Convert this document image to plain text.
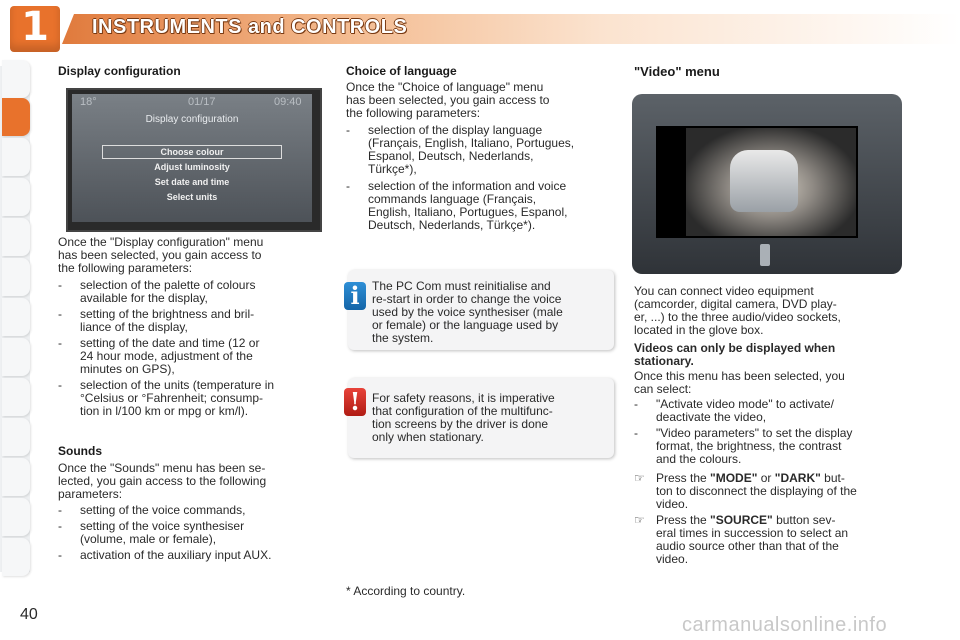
1	INSTRUMENTS and CONTROLS
Display configuration
18°	01/17	09:40
Display configuration
Choose colour
Adjust luminosity
Set date and time
Select units
Once the "Display configuration" menu
has been selected, you gain access to
the following parameters:
- selection of the palette of colours
available for the display,
- setting of the brightness and bril-
liance of the display,
- setting of the date and time (12 or
24 hour mode, adjustment of the
minutes on GPS),
- selection of the units (temperature in
°Celsius or °Fahrenheit; consump-
tion in l/100 km or mpg or km/l).
Sounds
Once the "Sounds" menu has been se-
lected, you gain access to the following
parameters:
- setting of the voice commands,
- setting of the voice synthesiser
(volume, male or female),
- activation of the auxiliary input AUX.
Choice of language
Once the "Choice of language" menu
has been selected, you gain access to
the following parameters:
- selection of the display language
(Français, English, Italiano, Portugues,
Espanol, Deutsch, Nederlands,
Türkçe*),
- selection of the information and voice
commands language (Français,
English, Italiano, Portugues, Espanol,
Deutsch, Nederlands, Türkçe*).
i	The PC Com must reinitialise and
re-start in order to change the voice
used by the voice synthesiser (male
or female) or the language used by
the system.
! For safety reasons, it is imperative
that configuration of the multifunc-
tion screens by the driver is done
only when stationary.
* According to country.
"Video" menu
You can connect video equipment
(camcorder, digital camera, DVD play-
er, ...) to the three audio/video sockets,
located in the glove box.
Videos can only be displayed when
stationary.
Once this menu has been selected, you
can select:
- "Activate video mode" to activate/
deactivate the video,
- "Video parameters" to set the display
format, the brightness, the contrast
and the colours.
☞ Press the "MODE" or "DARK" but-
ton to disconnect the displaying of the
video.
☞ Press the "SOURCE" button sev-
eral times in succession to select an
audio source other than that of the
video.
40	carmanualsonline.info
